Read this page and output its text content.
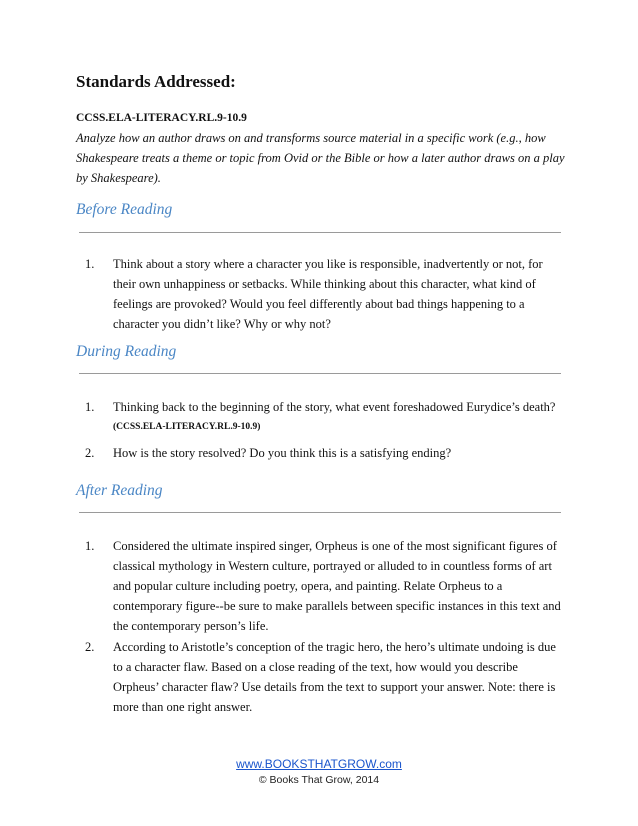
Standards Addressed:
CCSS.ELA-LITERACY.RL.9-10.9
Analyze how an author draws on and transforms source material in a specific work (e.g., how Shakespeare treats a theme or topic from Ovid or the Bible or how a later author draws on a play by Shakespeare).
Before Reading
1. Think about a story where a character you like is responsible, inadvertently or not, for their own unhappiness or setbacks. While thinking about this character, what kind of feelings are provoked? Would you feel differently about bad things happening to a character you didn’t like? Why or why not?
During Reading
1. Thinking back to the beginning of the story, what event foreshadowed Eurydice’s death?
(CCSS.ELA-LITERACY.RL.9-10.9)
2. How is the story resolved? Do you think this is a satisfying ending?
After Reading
1. Considered the ultimate inspired singer, Orpheus is one of the most significant figures of classical mythology in Western culture, portrayed or alluded to in countless forms of art and popular culture including poetry, opera, and painting. Relate Orpheus to a contemporary figure--be sure to make parallels between specific instances in this text and the contemporary person’s life.
2. According to Aristotle’s conception of the tragic hero, the hero’s ultimate undoing is due to a character flaw. Based on a close reading of the text, how would you describe Orpheus’ character flaw? Use details from the text to support your answer. Note: there is more than one right answer.
www.BOOKSTHATGROW.com
© Books That Grow, 2014
